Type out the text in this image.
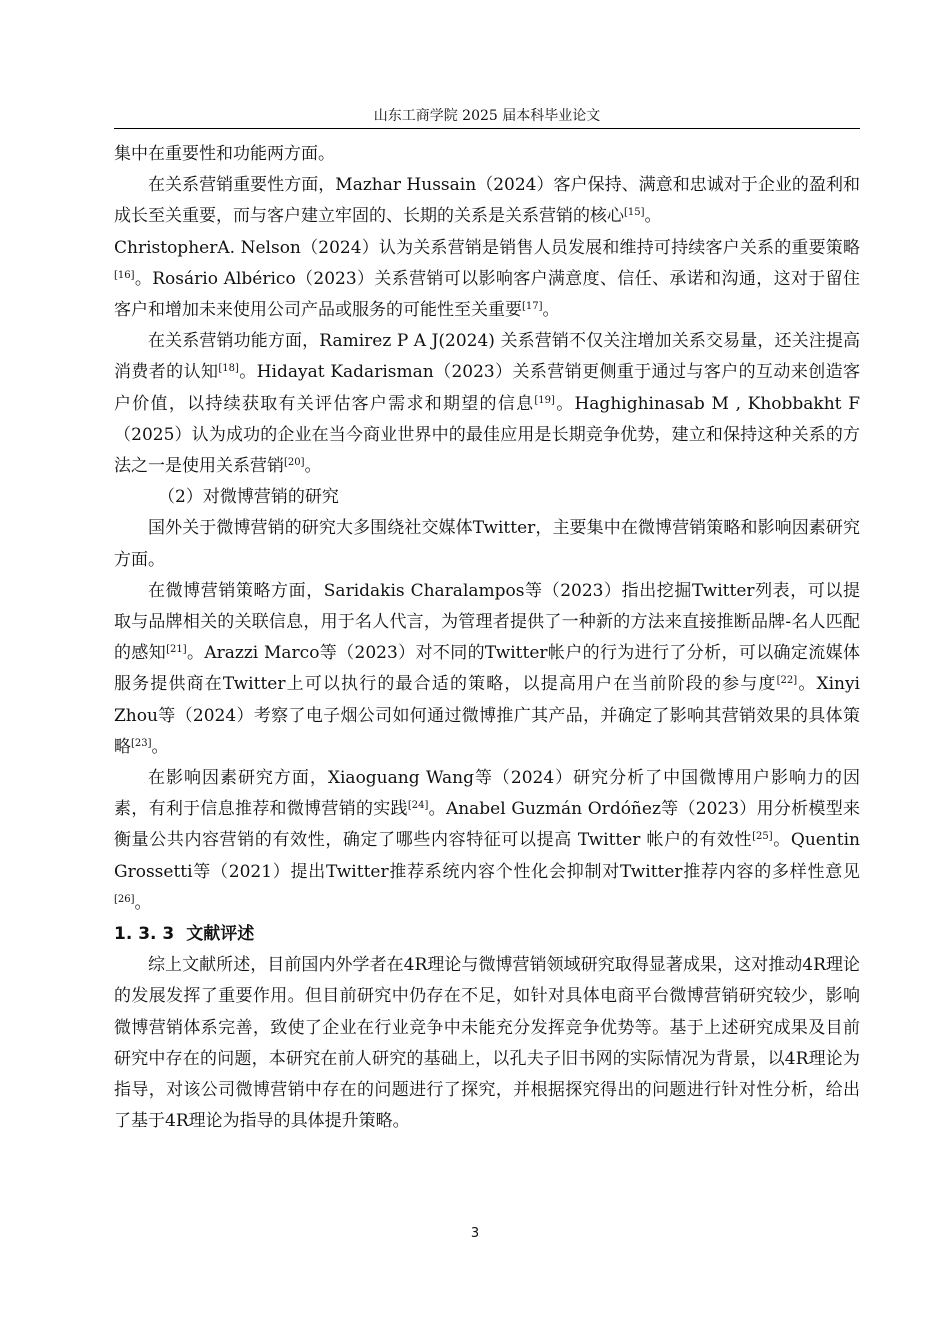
山东工商学院 2025 届本科毕业论文

集中在重要性和功能两方面。

在关系营销重要性方面，Mazhar Hussain（2024）客户保持、满意和忠诚对于企业的盈利和成长至关重要，而与客户建立牢固的、长期的关系是关系营销的核心[15]。

ChristopherA. Nelson（2024）认为关系营销是销售人员发展和维持可持续客户关系的重要策略[16]。Rosário Albérico（2023）关系营销可以影响客户满意度、信任、承诺和沟通，这对于留住客户和增加未来使用公司产品或服务的可能性至关重要[17]。

在关系营销功能方面，Ramirez P A J(2024) 关系营销不仅关注增加关系交易量，还关注提高消费者的认知[18]。Hidayat Kadarisman（2023）关系营销更侧重于通过与客户的互动来创造客户价值，以持续获取有关评估客户需求和期望的信息[19]。Haghighinasab M , Khobbakht F（2025）认为成功的企业在当今商业世界中的最佳应用是长期竞争优势，建立和保持这种关系的方法之一是使用关系营销[20]。

（2）对微博营销的研究

国外关于微博营销的研究大多围绕社交媒体Twitter，主要集中在微博营销策略和影响因素研究方面。

在微博营销策略方面，Saridakis Charalampos等（2023）指出挖掘Twitter列表，可以提取与品牌相关的关联信息，用于名人代言，为管理者提供了一种新的方法来直接推断品牌-名人匹配的感知[21]。Arazzi Marco等（2023）对不同的Twitter帐户的行为进行了分析，可以确定流媒体服务提供商在Twitter上可以执行的最合适的策略，以提高用户在当前阶段的参与度[22]。Xinyi Zhou等（2024）考察了电子烟公司如何通过微博推广其产品，并确定了影响其营销效果的具体策略[23]。

在影响因素研究方面，Xiaoguang Wang等（2024）研究分析了中国微博用户影响力的因素，有利于信息推荐和微博营销的实践[24]。Anabel Guzmán Ordóñez等（2023）用分析模型来衡量公共内容营销的有效性，确定了哪些内容特征可以提高 Twitter 帐户的有效性[25]。Quentin Grossetti等（2021）提出Twitter推荐系统内容个性化会抑制对Twitter推荐内容的多样性意见[26]。

1. 3. 3 文献评述

综上文献所述，目前国内外学者在4R理论与微博营销领域研究取得显著成果，这对推动4R理论的发展发挥了重要作用。但目前研究中仍存在不足，如针对具体电商平台微博营销研究较少，影响微博营销体系完善，致使了企业在行业竞争中未能充分发挥竞争优势等。基于上述研究成果及目前研究中存在的问题，本研究在前人研究的基础上，以孔夫子旧书网的实际情况为背景，以4R理论为指导，对该公司微博营销中存在的问题进行了探究，并根据探究得出的问题进行针对性分析，给出了基于4R理论为指导的具体提升策略。

3
